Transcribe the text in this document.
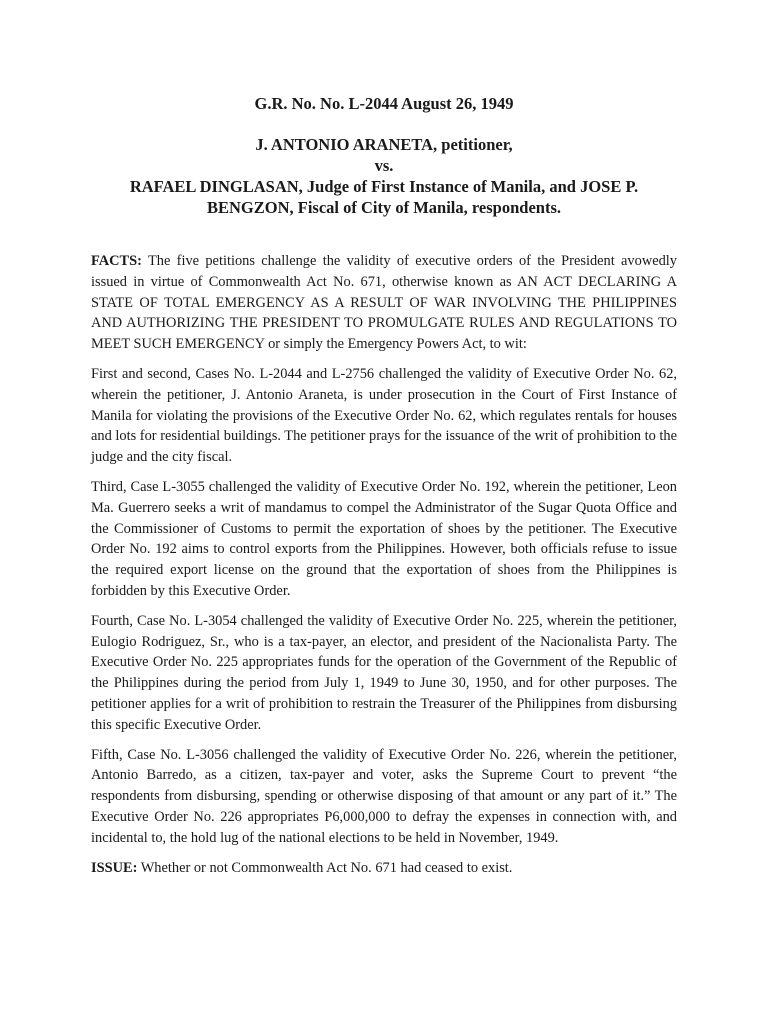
G.R. No. No. L-2044 August 26, 1949
J. ANTONIO ARANETA, petitioner,
vs.
RAFAEL DINGLASAN, Judge of First Instance of Manila, and JOSE P. BENGZON, Fiscal of City of Manila, respondents.

FACTS: The five petitions challenge the validity of executive orders of the President avowedly issued in virtue of Commonwealth Act No. 671, otherwise known as AN ACT DECLARING A STATE OF TOTAL EMERGENCY AS A RESULT OF WAR INVOLVING THE PHILIPPINES AND AUTHORIZING THE PRESIDENT TO PROMULGATE RULES AND REGULATIONS TO MEET SUCH EMERGENCY or simply the Emergency Powers Act, to wit:

First and second, Cases No. L-2044 and L-2756 challenged the validity of Executive Order No. 62, wherein the petitioner, J. Antonio Araneta, is under prosecution in the Court of First Instance of Manila for violating the provisions of the Executive Order No. 62, which regulates rentals for houses and lots for residential buildings. The petitioner prays for the issuance of the writ of prohibition to the judge and the city fiscal.

Third, Case L-3055 challenged the validity of Executive Order No. 192, wherein the petitioner, Leon Ma. Guerrero seeks a writ of mandamus to compel the Administrator of the Sugar Quota Office and the Commissioner of Customs to permit the exportation of shoes by the petitioner. The Executive Order No. 192 aims to control exports from the Philippines. However, both officials refuse to issue the required export license on the ground that the exportation of shoes from the Philippines is forbidden by this Executive Order.

Fourth, Case No. L-3054 challenged the validity of Executive Order No. 225, wherein the petitioner, Eulogio Rodriguez, Sr., who is a tax-payer, an elector, and president of the Nacionalista Party. The Executive Order No. 225 appropriates funds for the operation of the Government of the Republic of the Philippines during the period from July 1, 1949 to June 30, 1950, and for other purposes. The petitioner applies for a writ of prohibition to restrain the Treasurer of the Philippines from disbursing this specific Executive Order.

Fifth, Case No. L-3056 challenged the validity of Executive Order No. 226, wherein the petitioner, Antonio Barredo, as a citizen, tax-payer and voter, asks the Supreme Court to prevent “the respondents from disbursing, spending or otherwise disposing of that amount or any part of it.” The Executive Order No. 226 appropriates P6,000,000 to defray the expenses in connection with, and incidental to, the hold lug of the national elections to be held in November, 1949.

ISSUE: Whether or not Commonwealth Act No. 671 had ceased to exist.
